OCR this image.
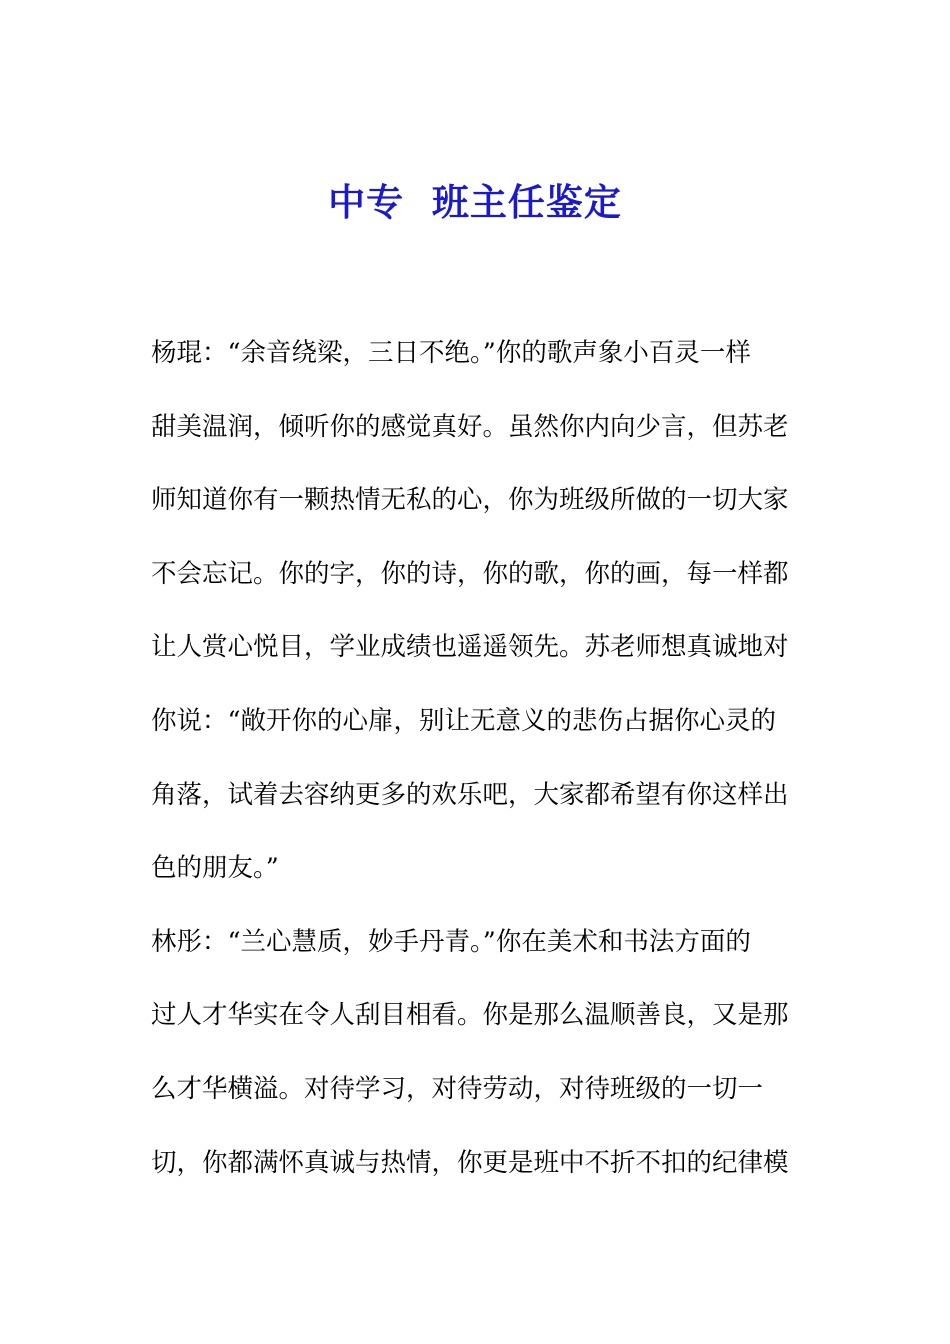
中专  班主任鉴定
杨琨：“余音绕梁，三日不绝。”你的歌声象小百灵一样
甜美温润，倾听你的感觉真好。虽然你内向少言，但苏老
师知道你有一颗热情无私的心，你为班级所做的一切大家
不会忘记。你的字，你的诗，你的歌，你的画，每一样都
让人赏心悦目，学业成绩也遥遥领先。苏老师想真诚地对
你说：“敞开你的心扉，别让无意义的悲伤占据你心灵的
角落，试着去容纳更多的欢乐吧，大家都希望有你这样出
色的朋友。”
林彤：“兰心慧质，妙手丹青。”你在美术和书法方面的
过人才华实在令人刮目相看。你是那么温顺善良，又是那
么才华横溢。对待学习，对待劳动，对待班级的一切一
切，你都满怀真诚与热情，你更是班中不折不扣的纪律模
